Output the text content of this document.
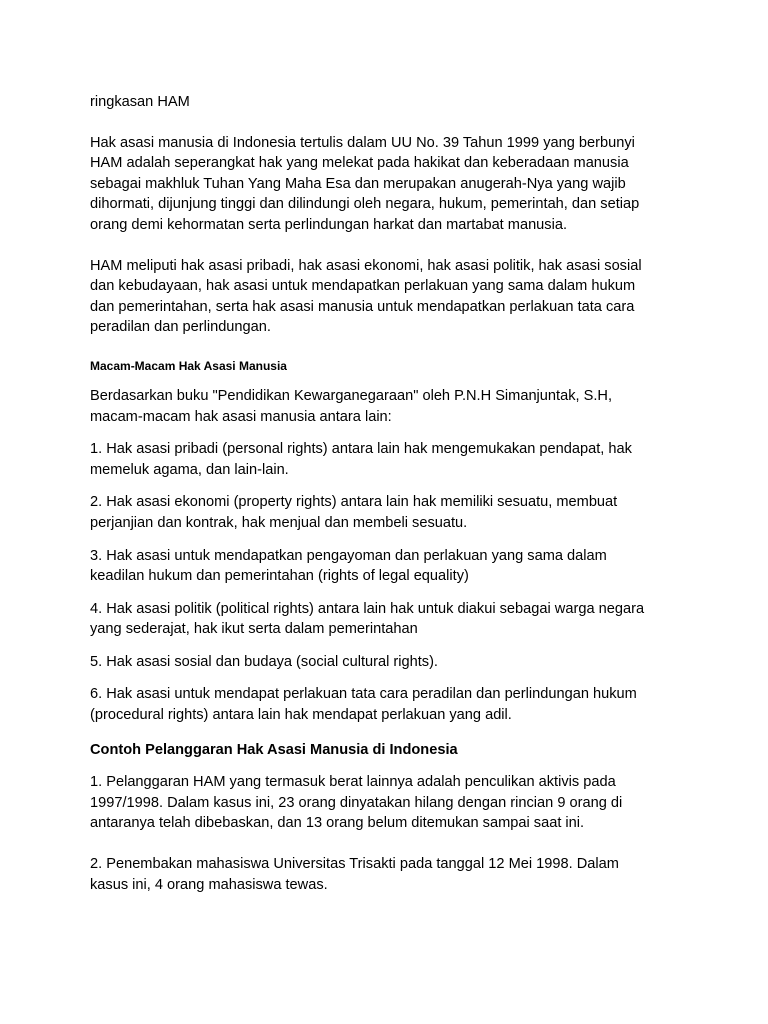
ringkasan HAM

Hak asasi manusia di Indonesia tertulis dalam UU No. 39 Tahun 1999 yang berbunyi
HAM adalah seperangkat hak yang melekat pada hakikat dan keberadaan manusia
sebagai makhluk Tuhan Yang Maha Esa dan merupakan anugerah-Nya yang wajib
dihormati, dijunjung tinggi dan dilindungi oleh negara, hukum, pemerintah, dan setiap
orang demi kehormatan serta perlindungan harkat dan martabat manusia.

HAM meliputi hak asasi pribadi, hak asasi ekonomi, hak asasi politik, hak asasi sosial
dan kebudayaan, hak asasi untuk mendapatkan perlakuan yang sama dalam hukum
dan pemerintahan, serta hak asasi manusia untuk mendapatkan perlakuan tata cara
peradilan dan perlindungan.

Macam-Macam Hak Asasi Manusia

Berdasarkan buku "Pendidikan Kewarganegaraan" oleh P.N.H Simanjuntak, S.H,
macam-macam hak asasi manusia antara lain:

1. Hak asasi pribadi (personal rights) antara lain hak mengemukakan pendapat, hak
memeluk agama, dan lain-lain.

2. Hak asasi ekonomi (property rights) antara lain hak memiliki sesuatu, membuat
perjanjian dan kontrak, hak menjual dan membeli sesuatu.

3. Hak asasi untuk mendapatkan pengayoman dan perlakuan yang sama dalam
keadilan hukum dan pemerintahan (rights of legal equality)

4. Hak asasi politik (political rights) antara lain hak untuk diakui sebagai warga negara
yang sederajat, hak ikut serta dalam pemerintahan

5. Hak asasi sosial dan budaya (social cultural rights).

6. Hak asasi untuk mendapat perlakuan tata cara peradilan dan perlindungan hukum
(procedural rights) antara lain hak mendapat perlakuan yang adil.

Contoh Pelanggaran Hak Asasi Manusia di Indonesia

1. Pelanggaran HAM yang termasuk berat lainnya adalah penculikan aktivis pada
1997/1998. Dalam kasus ini, 23 orang dinyatakan hilang dengan rincian 9 orang di
antaranya telah dibebaskan, dan 13 orang belum ditemukan sampai saat ini.

2. Penembakan mahasiswa Universitas Trisakti pada tanggal 12 Mei 1998. Dalam
kasus ini, 4 orang mahasiswa tewas.
